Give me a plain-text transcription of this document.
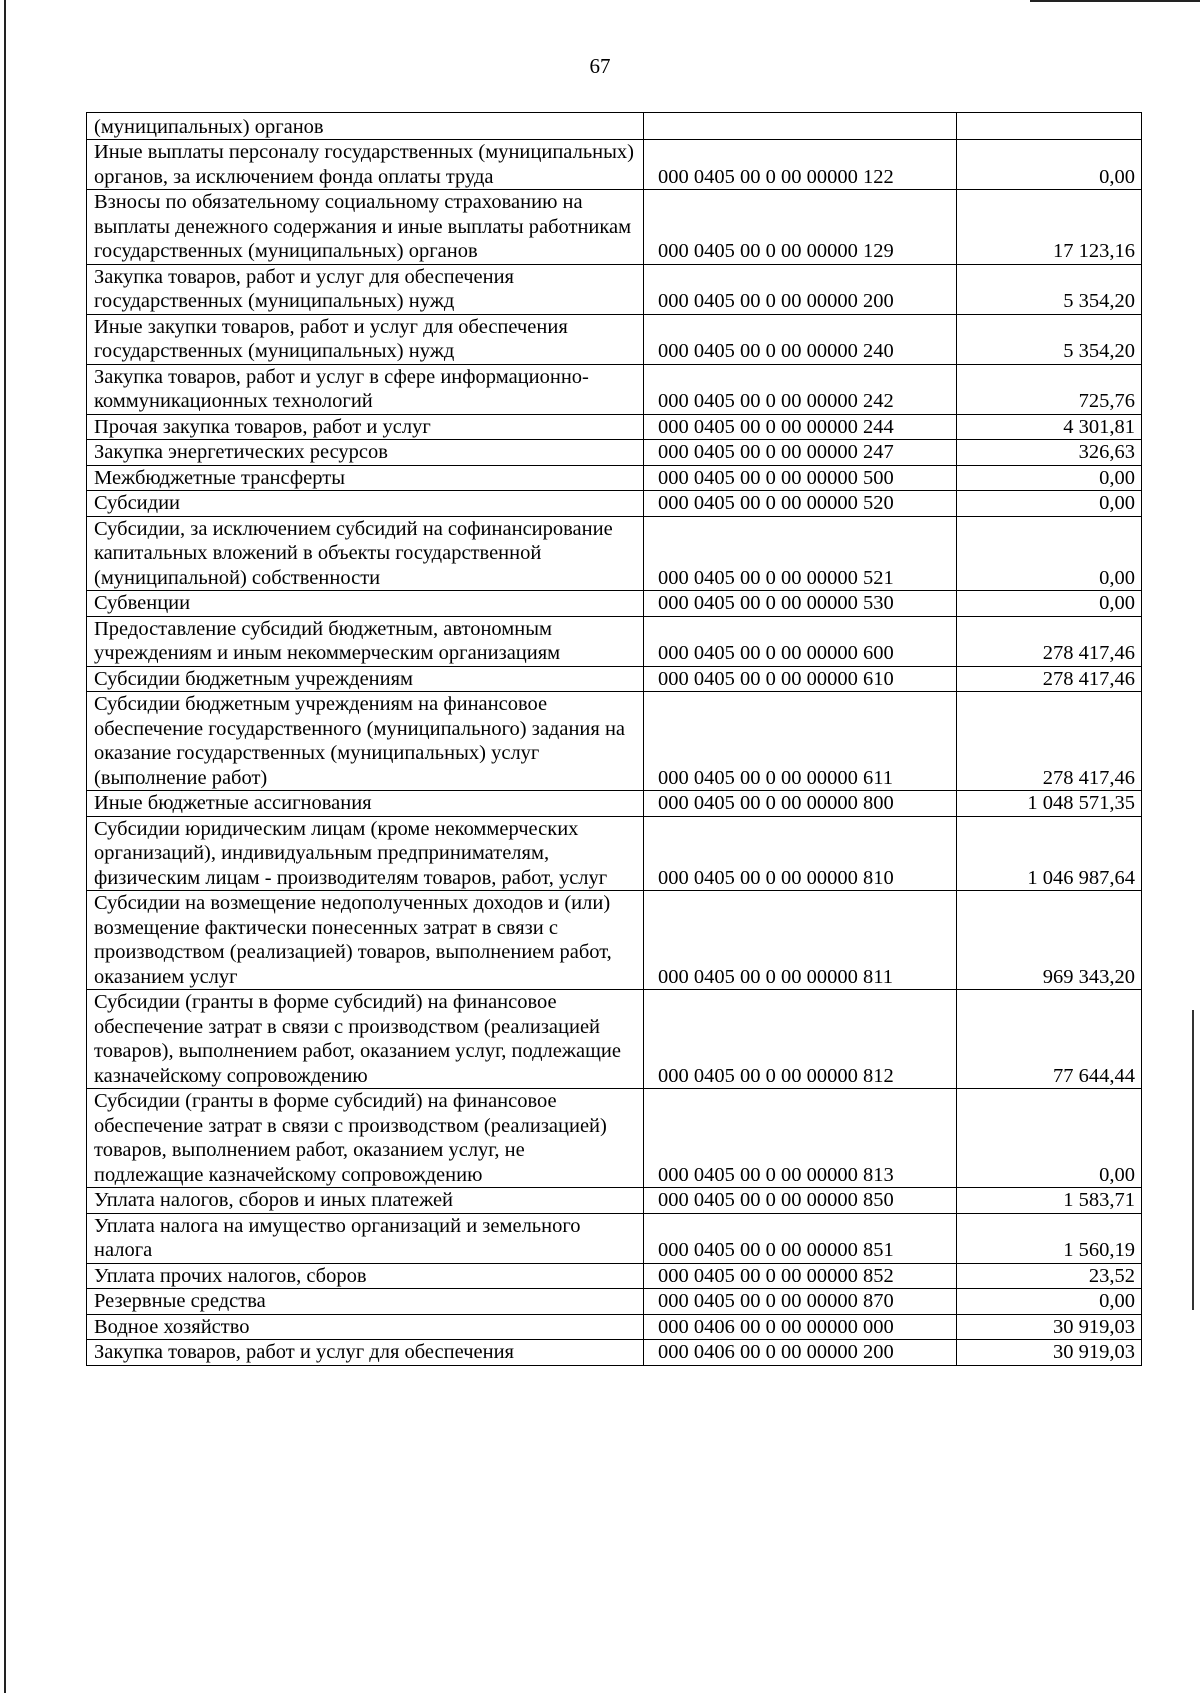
67
(муниципальных) органов		
Иные выплаты персоналу государственных (муниципальных) органов, за исключением фонда оплаты труда	000 0405 00 0 00 00000 122	0,00
Взносы по обязательному социальному страхованию на выплаты денежного содержания и иные выплаты работникам государственных (муниципальных) органов	000 0405 00 0 00 00000 129	17 123,16
Закупка товаров, работ и услуг для обеспечения государственных (муниципальных) нужд	000 0405 00 0 00 00000 200	5 354,20
Иные закупки товаров, работ и услуг для обеспечения государственных (муниципальных) нужд	000 0405 00 0 00 00000 240	5 354,20
Закупка товаров, работ и услуг в сфере информационно-коммуникационных технологий	000 0405 00 0 00 00000 242	725,76
Прочая закупка товаров, работ и услуг	000 0405 00 0 00 00000 244	4 301,81
Закупка энергетических ресурсов	000 0405 00 0 00 00000 247	326,63
Межбюджетные трансферты	000 0405 00 0 00 00000 500	0,00
Субсидии	000 0405 00 0 00 00000 520	0,00
Субсидии, за исключением субсидий на софинансирование капитальных вложений в объекты государственной (муниципальной) собственности	000 0405 00 0 00 00000 521	0,00
Субвенции	000 0405 00 0 00 00000 530	0,00
Предоставление субсидий бюджетным, автономным учреждениям и иным некоммерческим организациям	000 0405 00 0 00 00000 600	278 417,46
Субсидии бюджетным учреждениям	000 0405 00 0 00 00000 610	278 417,46
Субсидии бюджетным учреждениям на финансовое обеспечение государственного (муниципального) задания на оказание государственных (муниципальных) услуг (выполнение работ)	000 0405 00 0 00 00000 611	278 417,46
Иные бюджетные ассигнования	000 0405 00 0 00 00000 800	1 048 571,35
Субсидии юридическим лицам (кроме некоммерческих организаций), индивидуальным предпринимателям, физическим лицам - производителям товаров, работ, услуг	000 0405 00 0 00 00000 810	1 046 987,64
Субсидии на возмещение недополученных доходов и (или) возмещение фактически понесенных затрат в связи с производством (реализацией) товаров, выполнением работ, оказанием услуг	000 0405 00 0 00 00000 811	969 343,20
Субсидии (гранты в форме субсидий) на финансовое обеспечение затрат в связи с производством (реализацией товаров), выполнением работ, оказанием услуг, подлежащие казначейскому сопровождению	000 0405 00 0 00 00000 812	77 644,44
Субсидии (гранты в форме субсидий) на финансовое обеспечение затрат в связи с производством (реализацией) товаров, выполнением работ, оказанием услуг, не подлежащие казначейскому сопровождению	000 0405 00 0 00 00000 813	0,00
Уплата налогов, сборов и иных платежей	000 0405 00 0 00 00000 850	1 583,71
Уплата налога на имущество организаций и земельного налога	000 0405 00 0 00 00000 851	1 560,19
Уплата прочих налогов, сборов	000 0405 00 0 00 00000 852	23,52
Резервные средства	000 0405 00 0 00 00000 870	0,00
Водное хозяйство	000 0406 00 0 00 00000 000	30 919,03
Закупка товаров, работ и услуг для обеспечения	000 0406 00 0 00 00000 200	30 919,03
